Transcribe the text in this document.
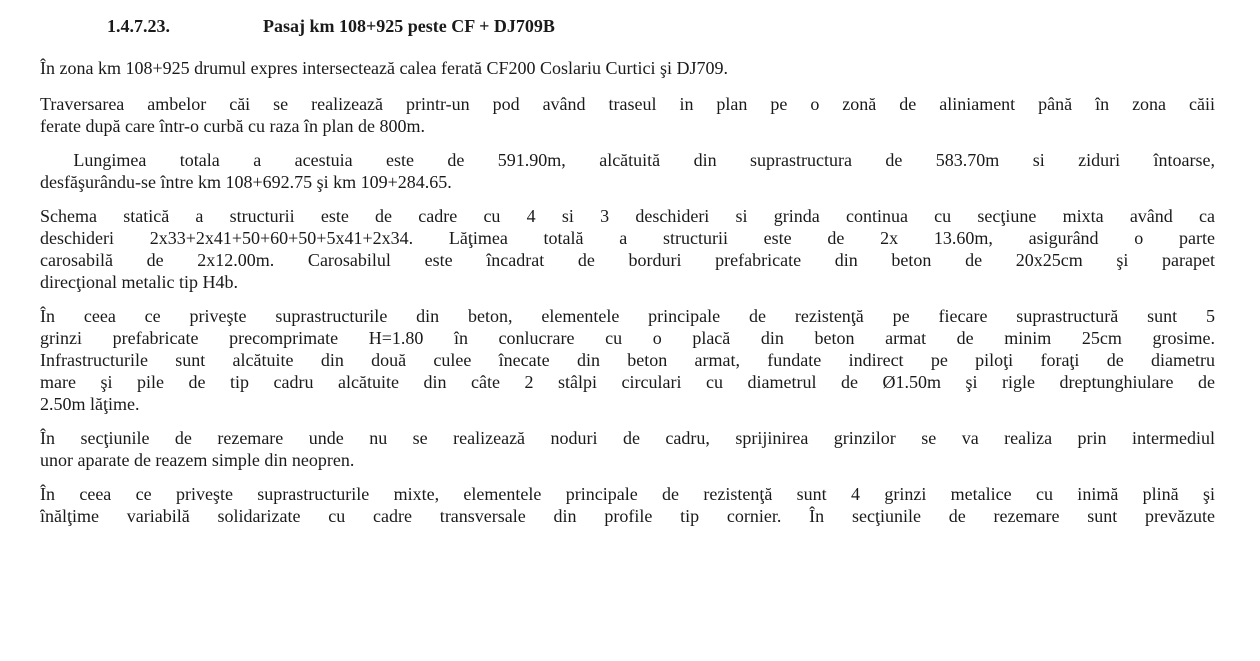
1.4.7.23.	Pasaj km 108+925 peste CF + DJ709B

În zona km 108+925 drumul expres intersectează calea ferată CF200 Coslariu Curtici şi DJ709.

Traversarea ambelor căi se realizează printr-un pod având traseul in plan pe o zonă de aliniament până în zona căii
ferate după care într-o curbă cu raza în plan de 800m.

Lungimea totala a acestuia este de 591.90m, alcătuită din suprastructura de 583.70m si ziduri întoarse,
desfăşurându-se între km 108+692.75 şi km 109+284.65.

Schema statică a structurii este de cadre cu 4 si 3 deschideri si grinda continua cu secţiune mixta având ca
deschideri 2x33+2x41+50+60+50+5x41+2x34. Lăţimea totală a structurii este de 2x 13.60m, asigurând o parte
carosabilă de 2x12.00m. Carosabilul este încadrat de borduri prefabricate din beton de 20x25cm şi parapet
direcţional metalic tip H4b.

În ceea ce priveşte suprastructurile din beton, elementele principale de rezistenţă pe fiecare suprastructură sunt 5
grinzi prefabricate precomprimate H=1.80 în conlucrare cu o placă din beton armat de minim 25cm grosime.
Infrastructurile sunt alcătuite din două culee înecate din beton armat, fundate indirect pe piloţi foraţi de diametru
mare şi pile de tip cadru alcătuite din câte 2 stâlpi circulari cu diametrul de Ø1.50m şi rigle dreptunghiulare de
2.50m lăţime.

În secţiunile de rezemare unde nu se realizează noduri de cadru, sprijinirea grinzilor se va realiza prin intermediul
unor aparate de reazem simple din neopren.

În ceea ce priveşte suprastructurile mixte, elementele principale de rezistenţă sunt 4 grinzi metalice cu inimă plină şi
înălţime variabilă solidarizate cu cadre transversale din profile tip cornier. În secţiunile de rezemare sunt prevăzute
